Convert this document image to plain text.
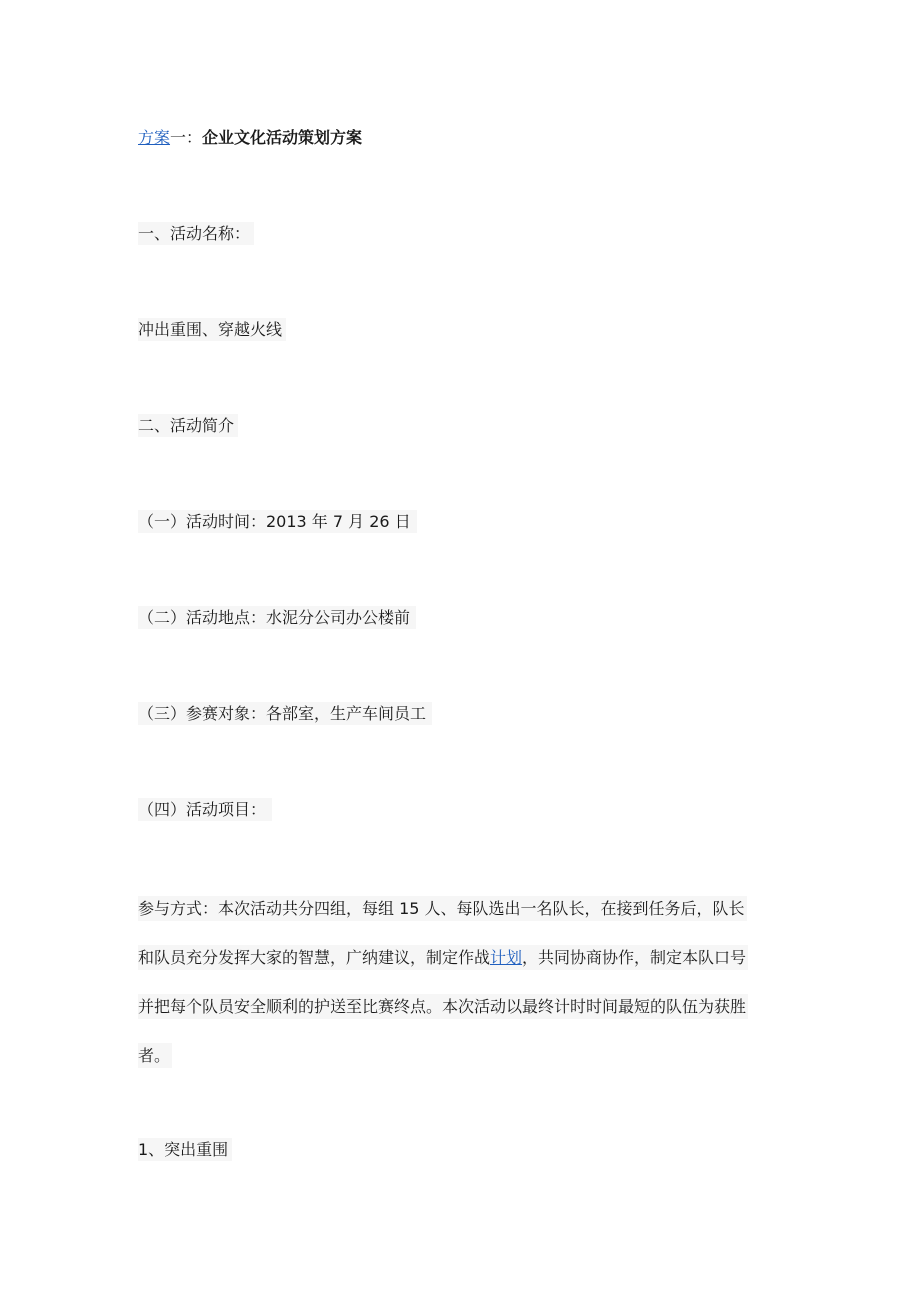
方案一：企业文化活动策划方案
一、活动名称：
冲出重围、穿越火线
二、活动简介
（一）活动时间：2013 年 7 月 26 日
（二）活动地点：水泥分公司办公楼前
（三）参赛对象：各部室，生产车间员工
（四）活动项目：
参与方式：本次活动共分四组，每组 15 人、每队选出一名队长，在接到任务后，队长
和队员充分发挥大家的智慧，广纳建议，制定作战计划，共同协商协作，制定本队口号
并把每个队员安全顺利的护送至比赛终点。本次活动以最终计时时间最短的队伍为获胜
者。
1、突出重围
